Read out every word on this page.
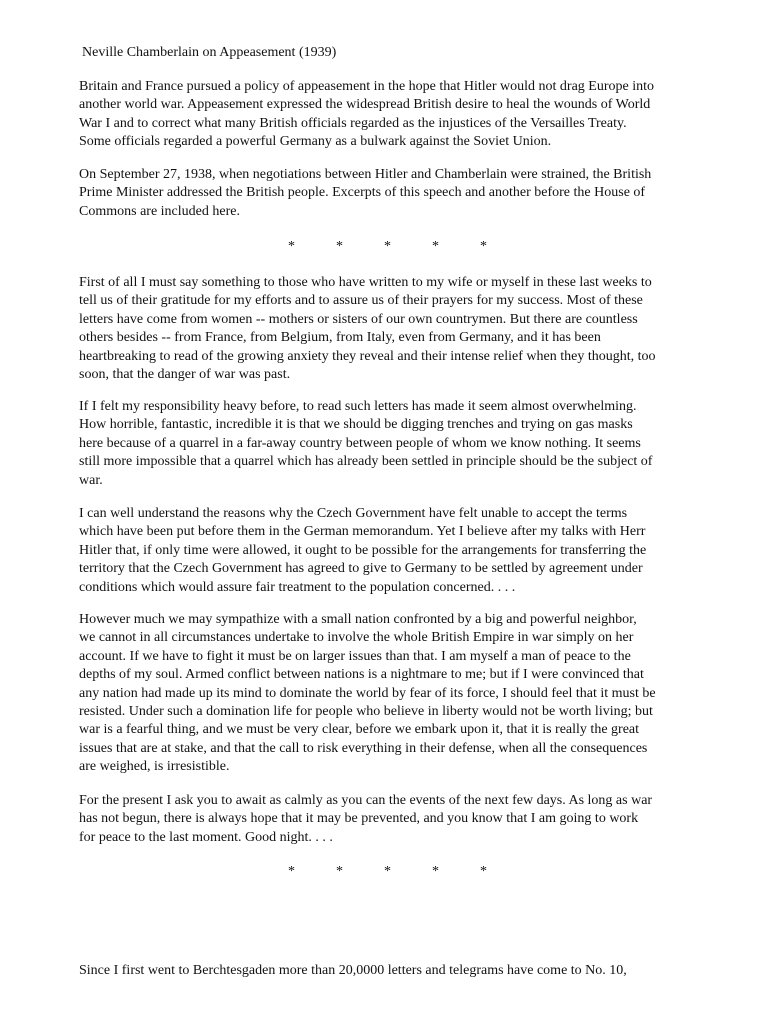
Neville Chamberlain on Appeasement (1939)
Britain and France pursued a policy of appeasement in the hope that Hitler would not drag Europe into
another world war. Appeasement expressed the widespread British desire to heal the wounds of World
War I and to correct what many British officials regarded as the injustices of the Versailles Treaty.
Some officials regarded a powerful Germany as a bulwark against the Soviet Union.
On September 27, 1938, when negotiations between Hitler and Chamberlain were strained, the British
Prime Minister addressed the British people. Excerpts of this speech and another before the House of
Commons are included here.
*	*	*	*	*
First of all I must say something to those who have written to my wife or myself in these last weeks to
tell us of their gratitude for my efforts and to assure us of their prayers for my success. Most of these
letters have come from women -- mothers or sisters of our own countrymen. But there are countless
others besides -- from France, from Belgium, from Italy, even from Germany, and it has been
heartbreaking to read of the growing anxiety they reveal and their intense relief when they thought, too
soon, that the danger of war was past.
If I felt my responsibility heavy before, to read such letters has made it seem almost overwhelming.
How horrible, fantastic, incredible it is that we should be digging trenches and trying on gas masks
here because of a quarrel in a far-away country between people of whom we know nothing. It seems
still more impossible that a quarrel which has already been settled in principle should be the subject of
war.
I can well understand the reasons why the Czech Government have felt unable to accept the terms
which have been put before them in the German memorandum. Yet I believe after my talks with Herr
Hitler that, if only time were allowed, it ought to be possible for the arrangements for transferring the
territory that the Czech Government has agreed to give to Germany to be settled by agreement under
conditions which would assure fair treatment to the population concerned. . . .
However much we may sympathize with a small nation confronted by a big and powerful neighbor,
we cannot in all circumstances undertake to involve the whole British Empire in war simply on her
account. If we have to fight it must be on larger issues than that. I am myself a man of peace to the
depths of my soul. Armed conflict between nations is a nightmare to me; but if I were convinced that
any nation had made up its mind to dominate the world by fear of its force, I should feel that it must be
resisted. Under such a domination life for people who believe in liberty would not be worth living; but
war is a fearful thing, and we must be very clear, before we embark upon it, that it is really the great
issues that are at stake, and that the call to risk everything in their defense, when all the consequences
are weighed, is irresistible.
For the present I ask you to await as calmly as you can the events of the next few days. As long as war
has not begun, there is always hope that it may be prevented, and you know that I am going to work
for peace to the last moment. Good night. . . .
*	*	*	*	*
Since I first went to Berchtesgaden more than 20,0000 letters and telegrams have come to No. 10,
